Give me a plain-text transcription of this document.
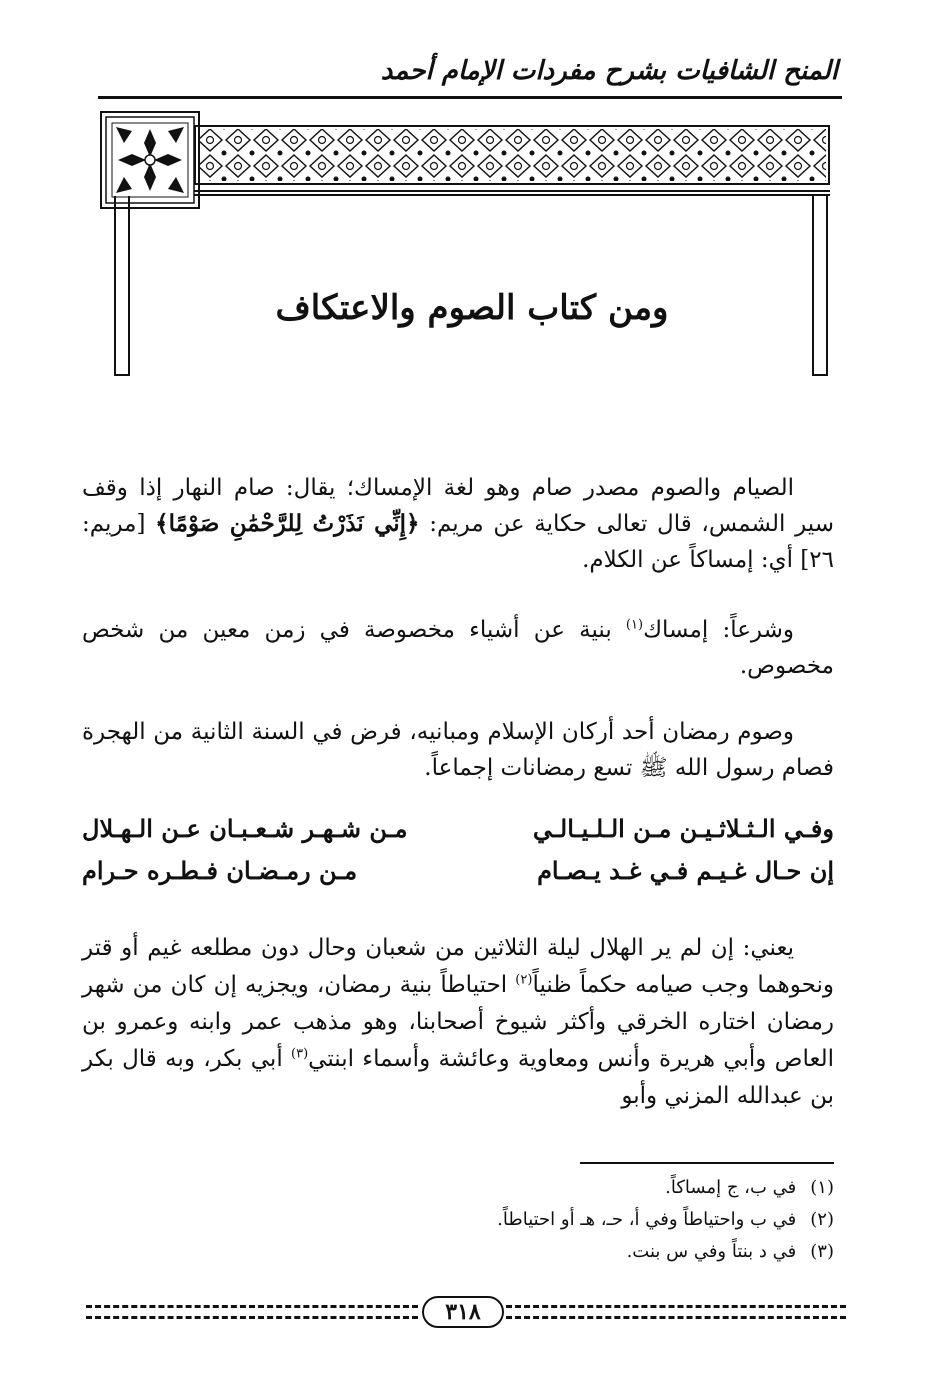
المنح الشافيات بشرح مفردات الإمام أحمد
ومن كتاب الصوم والاعتكاف
الصيام والصوم مصدر صام وهو لغة الإمساك؛ يقال: صام النهار إذا وقف سير الشمس، قال تعالى حكاية عن مريم: ﴿إِنِّي نَذَرْتُ لِلرَّحْمَٰنِ صَوْمًا﴾ [مريم: ٢٦] أي: إمساكاً عن الكلام.
وشرعاً: إمساك$^{(١)}$ بنية عن أشياء مخصوصة في زمن معين من شخص مخصوص.
وصوم رمضان أحد أركان الإسلام ومبانيه، فرض في السنة الثانية من الهجرة فصام رسول الله ﷺ تسع رمضانات إجماعاً.
وفـي الـثـلاثـيـن مـن الـلـيـالـي
مـن شـهـر شـعـبـان عـن الـهـلال
إن حـال غـيـم فـي غـد يـصـام
مـن رمـضـان فـطـره حـرام
يعني: إن لم ير الهلال ليلة الثلاثين من شعبان وحال دون مطلعه غيم أو قتر ونحوهما وجب صيامه حكماً ظنياً$^{(٢)}$ احتياطاً بنية رمضان، ويجزيه إن كان من شهر رمضان اختاره الخرقي وأكثر شيوخ أصحابنا، وهو مذهب عمر وابنه وعمرو بن العاص وأبي هريرة وأنس ومعاوية وعائشة وأسماء ابنتي$^{(٣)}$ أبي بكر، وبه قال بكر بن عبدالله المزني وأبو
(١)في ب، ج إمساكاً.
(٢)في ب واحتياطاً وفي أ، حـ، هـ أو احتياطاً.
(٣)في د بنتاً وفي س بنت.
٣١٨
